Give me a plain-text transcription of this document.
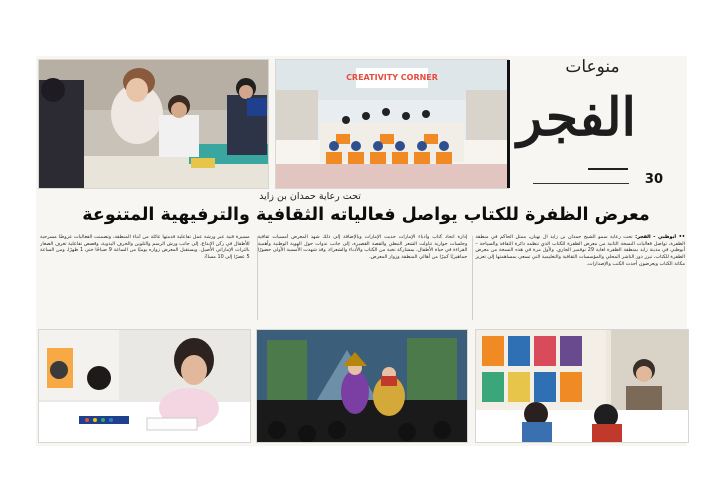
CREATIVITY CORNER
منوعات
الفجر
30
تحت رعاية حمدان بن زايد
معرض الظفرة للكتاب يواصل فعالياته الثقافية والترفيهية المتنوعة
•• أبوظبي - الفجر: تحت رعاية سمو الشيخ حمدان بن زايد آل نهيان، ممثل الحاكم في منطقة الظفرة، تواصل فعاليات النسخة الثانية من معرض الظفرة للكتاب الذي تنظمه دائرة الثقافة والسياحة – أبوظبي في مدينة زايد بمنطقة الظفرة لغاية 29 نوفمبر الجاري. ولأول مرة في هذه النسخة من معرض الظفرة للكتاب، تبرز دور الناشر المحلي والمؤسسات الثقافية والتعليمية التي تسعى بمساهمتها إلى تعزيز مكانة الكتاب ويعرضون أحدث الكتب والإصدارات.
إدارة اتحاد كتاب وأدباء الإمارات حديث الإمارات وبالإضافة إلى ذلك شهد المعرض أمسيات ثقافية وجلسات حوارية تناولت الشعر النبطي والقصة القصيرة، إلى جانب ندوات حول الهوية الوطنية وأهمية القراءة في حياة الأطفال، بمشاركة نخبة من الكتاب والأدباء والشعراء، وقد شهدت الأمسية الأولى حضورًا جماهيريًا كبيرًا من أهالي المنطقة وزوار المعرض.
مسيرة فنية عبر ورشة عمل تفاعلية قدمتها عائلة من أبناء المنطقة، وتضمنت الفعاليات عروضًا مسرحية للأطفال في ركن الإبداع، إلى جانب ورش الرسم والتلوين والحرف اليدوية، وقصص تفاعلية تعرف الصغار بالتراث الإماراتي الأصيل. ويستقبل المعرض زواره يوميًا من الساعة 9 صباحًا حتى 1 ظهرًا، ومن الساعة 5 عصرًا إلى 10 مساءً.
